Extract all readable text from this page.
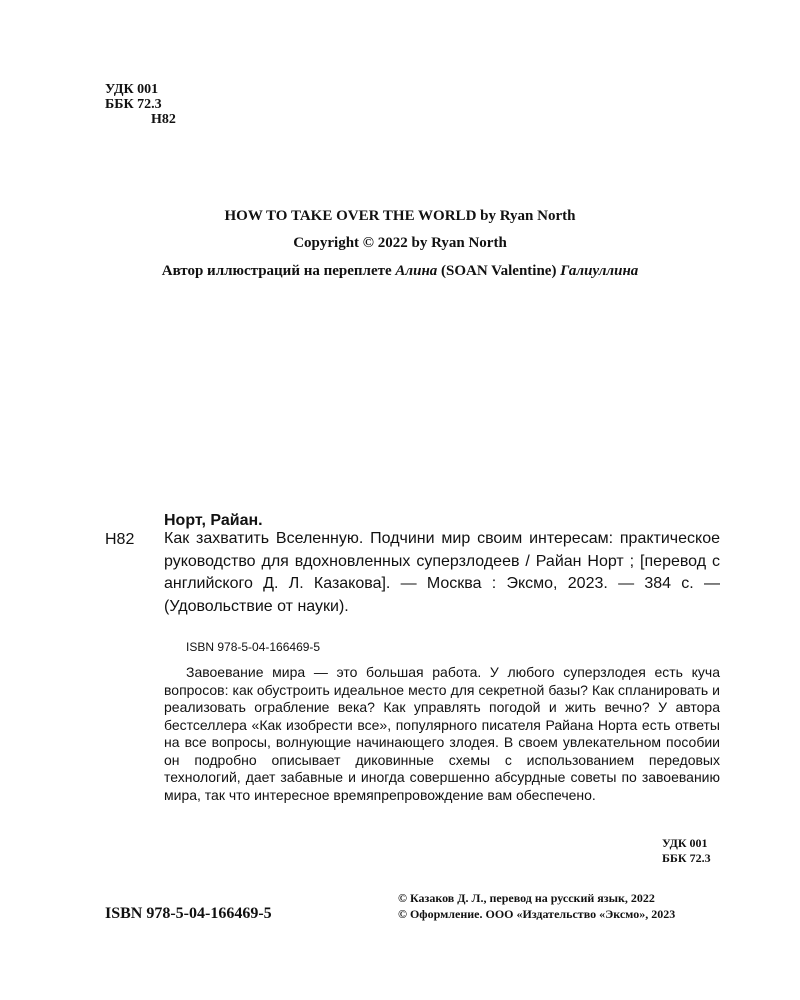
УДК 001
ББК 72.3
Н82
HOW TO TAKE OVER THE WORLD by Ryan North
Copyright © 2022 by Ryan North
Автор иллюстраций на переплете Алина (SOAN Valentine) Галиуллина
Норт, Райан.
Н82 Как захватить Вселенную. Подчини мир своим интересам: практическое руководство для вдохновленных суперзлодеев / Райан Норт ; [перевод с английского Д. Л. Казакова]. — Москва : Эксмо, 2023. — 384 с. — (Удовольствие от науки).

ISBN 978-5-04-166469-5

Завоевание мира — это большая работа. У любого суперзлодея есть куча вопросов: как обустроить идеальное место для секретной базы? Как спланировать и реализовать ограбление века? Как управлять погодой и жить вечно? У автора бестселлера «Как изобрести все», популярного писателя Райана Норта есть ответы на все вопросы, волнующие начинающего злодея. В своем увлекательном пособии он подробно описывает диковинные схемы с использованием передовых технологий, дает забавные и иногда совершенно абсурдные советы по завоеванию мира, так что интересное времяпрепровождение вам обеспечено.

УДК 001
ББК 72.3
ISBN 978-5-04-166469-5
© Казаков Д. Л., перевод на русский язык, 2022
© Оформление. ООО «Издательство «Эксмо», 2023
